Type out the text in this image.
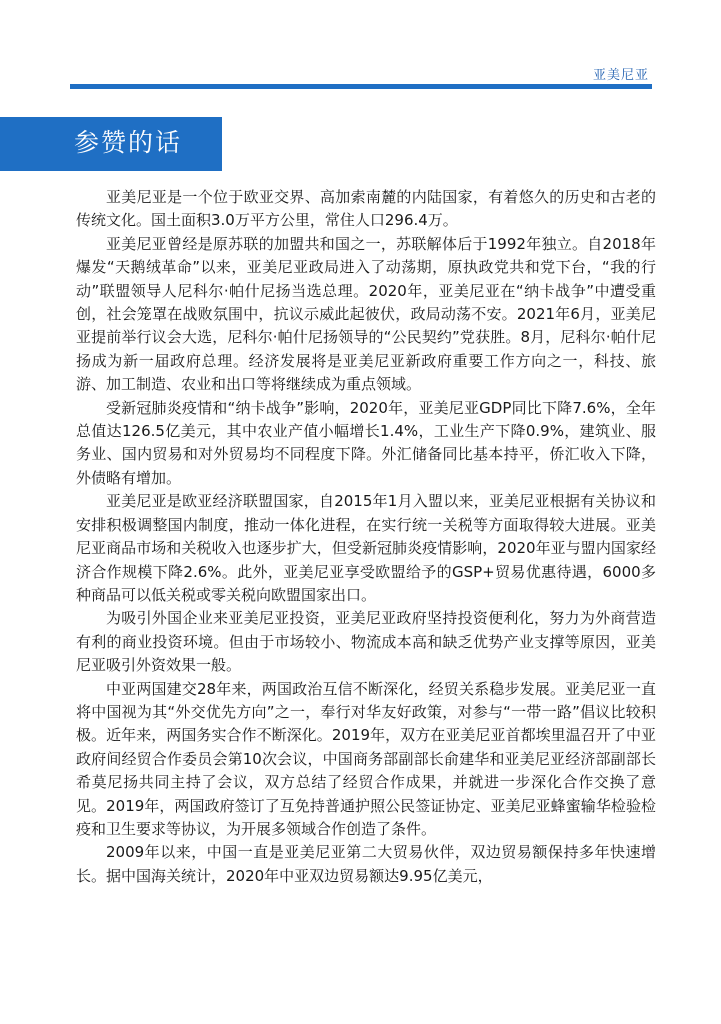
亚美尼亚
参赞的话

亚美尼亚是一个位于欧亚交界、高加索南麓的内陆国家，有着悠久的历史和古老的传统文化。国土面积3.0万平方公里，常住人口296.4万。

亚美尼亚曾经是原苏联的加盟共和国之一，苏联解体后于1992年独立。自2018年爆发“天鹅绒革命”以来，亚美尼亚政局进入了动荡期，原执政党共和党下台，“我的行动”联盟领导人尼科尔·帕什尼扬当选总理。2020年，亚美尼亚在“纳卡战争”中遭受重创，社会笼罩在战败氛围中，抗议示威此起彼伏，政局动荡不安。2021年6月，亚美尼亚提前举行议会大选，尼科尔·帕什尼扬领导的“公民契约”党获胜。8月，尼科尔·帕什尼扬成为新一届政府总理。经济发展将是亚美尼亚新政府重要工作方向之一，科技、旅游、加工制造、农业和出口等将继续成为重点领域。

受新冠肺炎疫情和“纳卡战争”影响，2020年，亚美尼亚GDP同比下降7.6%，全年总值达126.5亿美元，其中农业产值小幅增长1.4%，工业生产下降0.9%，建筑业、服务业、国内贸易和对外贸易均不同程度下降。外汇储备同比基本持平，侨汇收入下降，外债略有增加。

亚美尼亚是欧亚经济联盟国家，自2015年1月入盟以来，亚美尼亚根据有关协议和安排积极调整国内制度，推动一体化进程，在实行统一关税等方面取得较大进展。亚美尼亚商品市场和关税收入也逐步扩大，但受新冠肺炎疫情影响，2020年亚与盟内国家经济合作规模下降2.6%。此外，亚美尼亚享受欧盟给予的GSP+贸易优惠待遇，6000多种商品可以低关税或零关税向欧盟国家出口。

为吸引外国企业来亚美尼亚投资，亚美尼亚政府坚持投资便利化，努力为外商营造有利的商业投资环境。但由于市场较小、物流成本高和缺乏优势产业支撑等原因，亚美尼亚吸引外资效果一般。

中亚两国建交28年来，两国政治互信不断深化，经贸关系稳步发展。亚美尼亚一直将中国视为其“外交优先方向”之一，奉行对华友好政策，对参与“一带一路”倡议比较积极。近年来，两国务实合作不断深化。2019年，双方在亚美尼亚首都埃里温召开了中亚政府间经贸合作委员会第10次会议，中国商务部副部长俞建华和亚美尼亚经济部副部长希莫尼扬共同主持了会议，双方总结了经贸合作成果，并就进一步深化合作交换了意见。2019年，两国政府签订了互免持普通护照公民签证协定、亚美尼亚蜂蜜输华检验检疫和卫生要求等协议，为开展多领域合作创造了条件。

2009年以来，中国一直是亚美尼亚第二大贸易伙伴，双边贸易额保持多年快速增长。据中国海关统计，2020年中亚双边贸易额达9.95亿美元，
